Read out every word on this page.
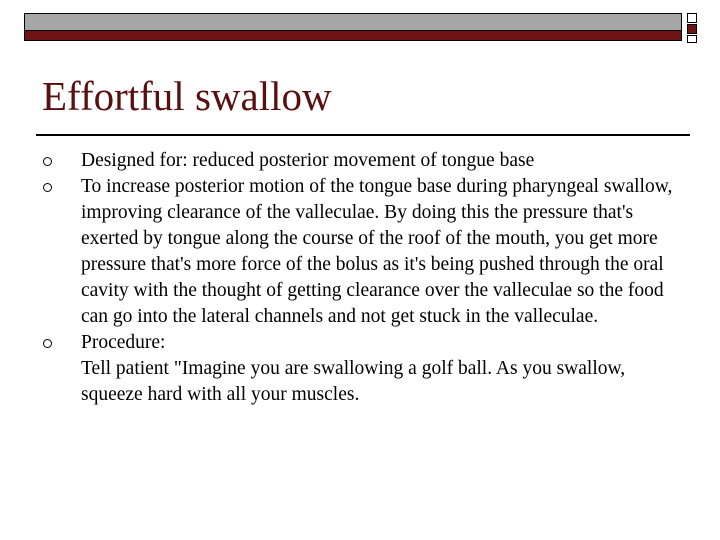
Effortful swallow
Designed for: reduced posterior movement of tongue base
To increase posterior motion of the tongue base during pharyngeal swallow, improving clearance of the valleculae. By doing this the pressure that's exerted by tongue along the course of the roof of the mouth, you get more pressure that's more force of the bolus as it's being pushed through the oral cavity with the thought of getting clearance over the valleculae so the food can go into the lateral channels and not get stuck in the valleculae.
Procedure:
Tell patient "Imagine you are swallowing a golf ball. As you swallow, squeeze hard with all your muscles.
